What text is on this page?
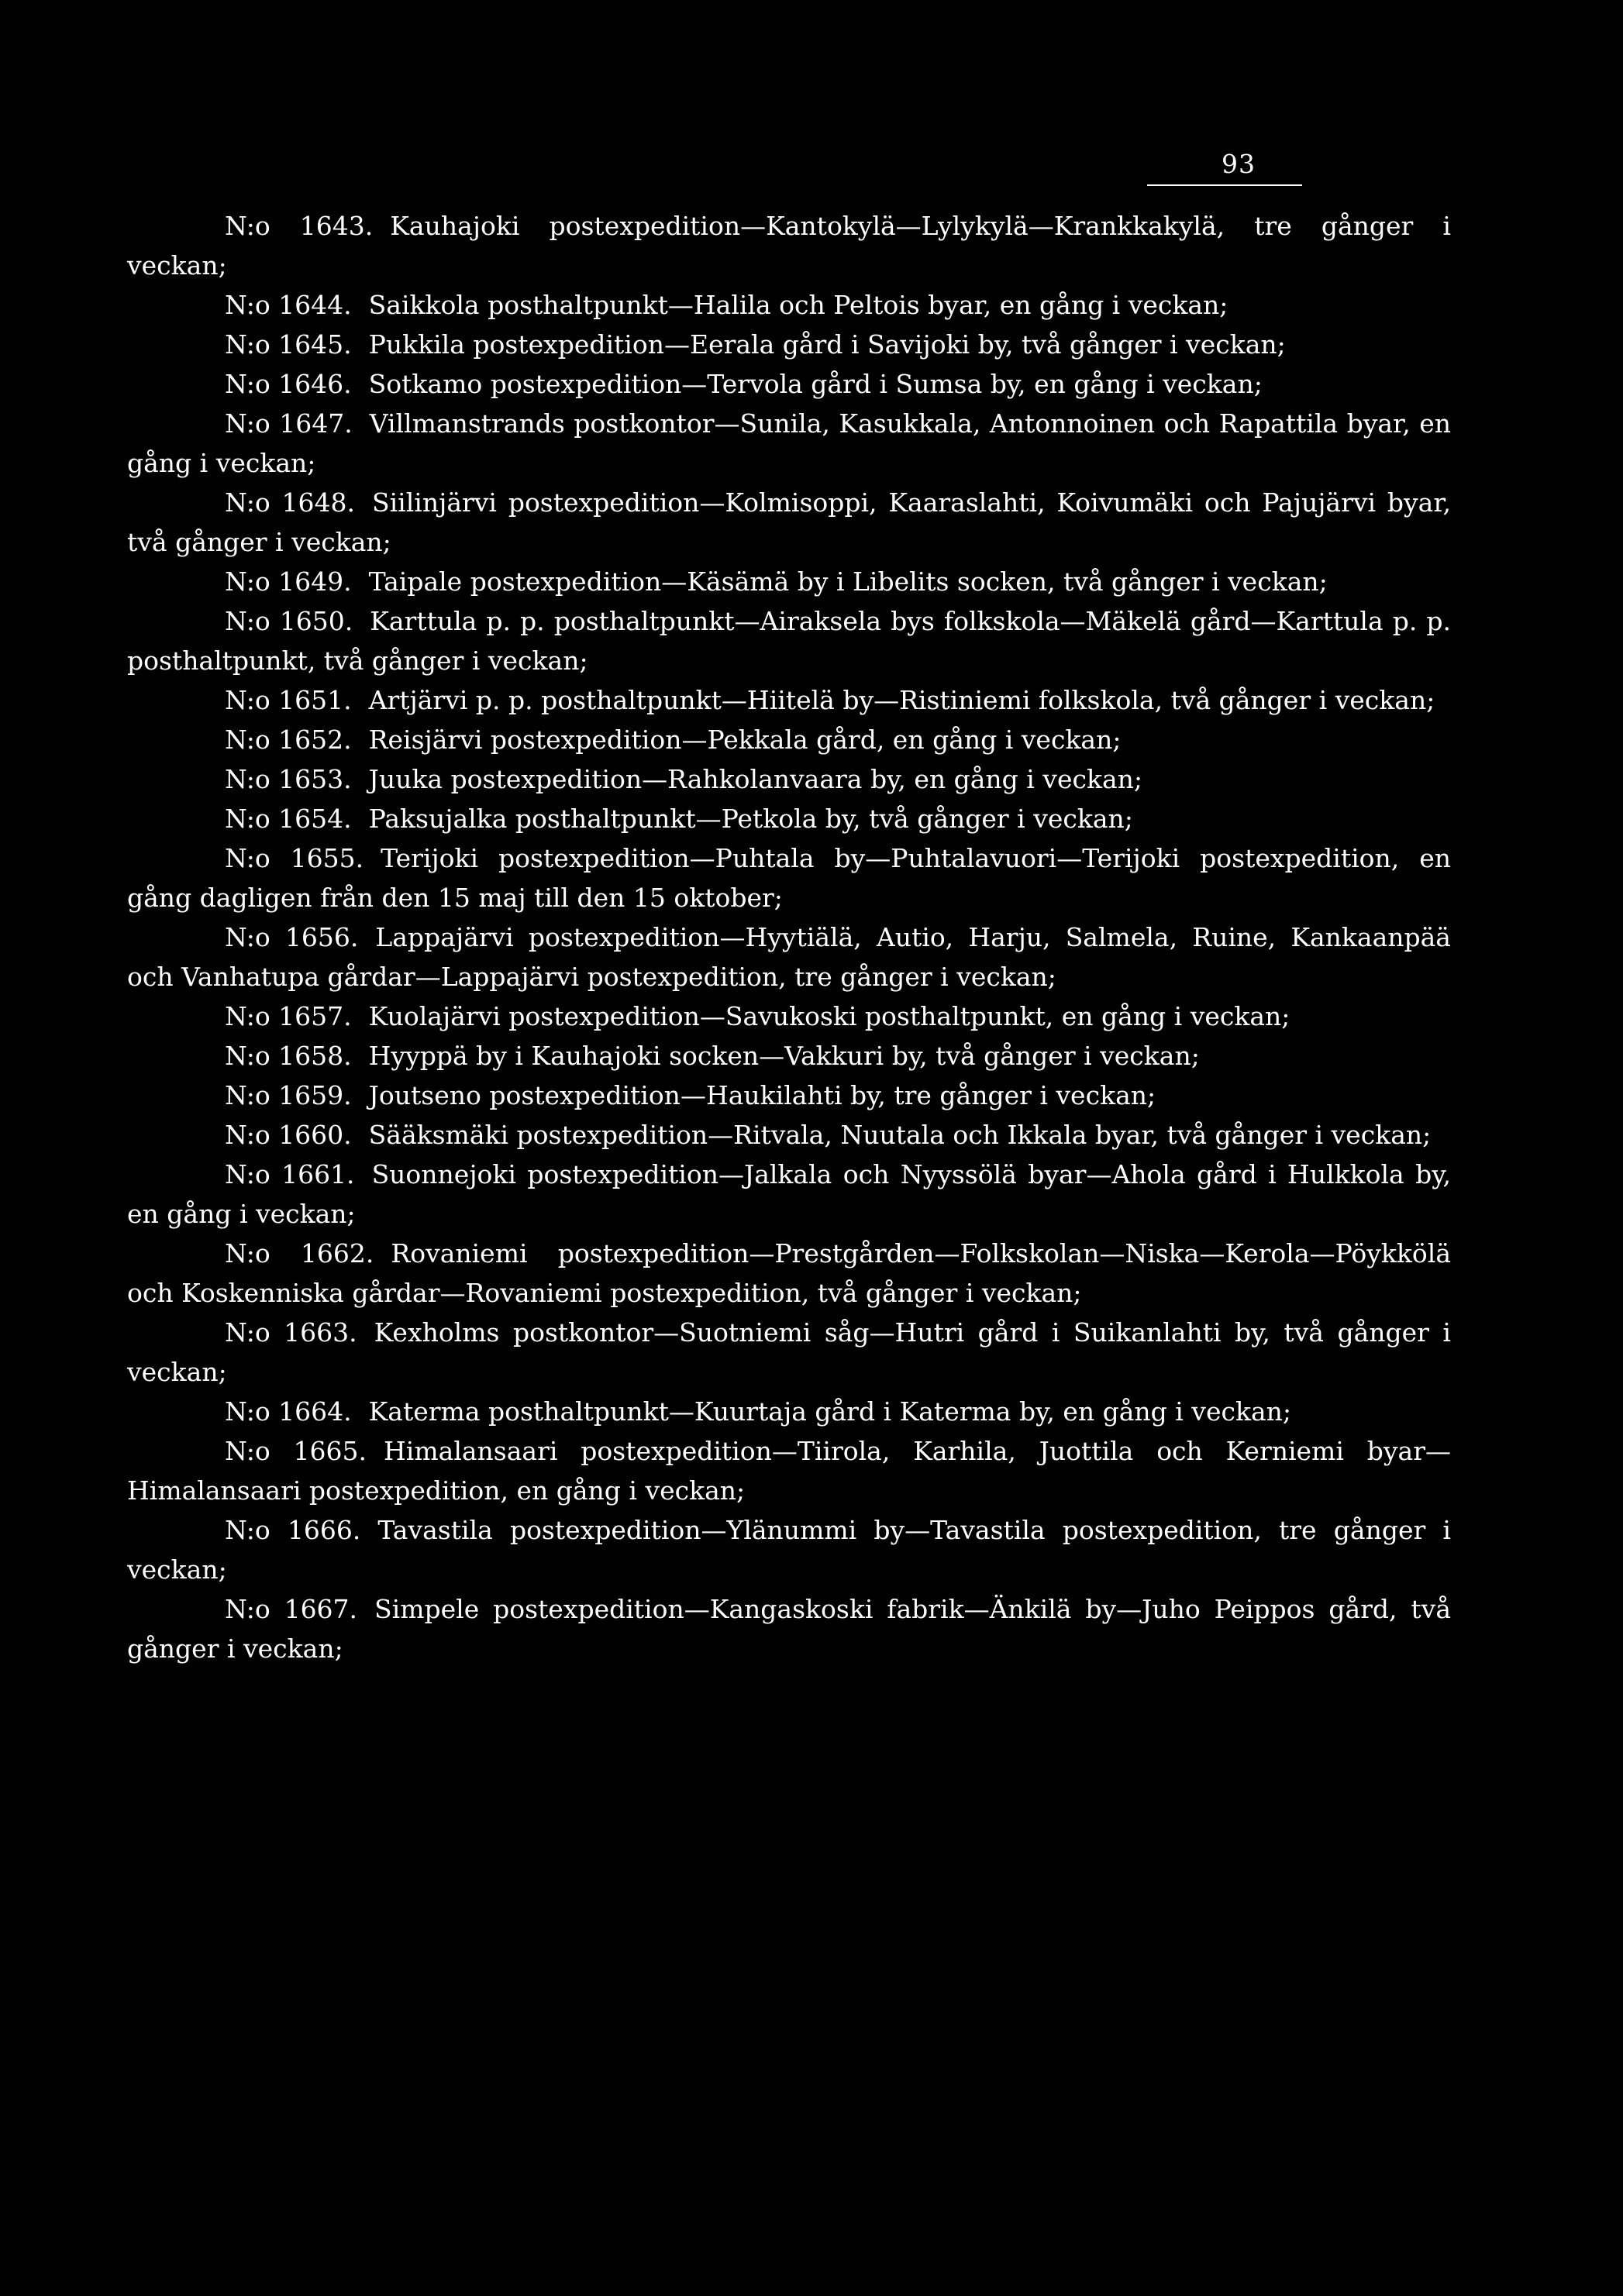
93

N:o 1643. Kauhajoki postexpedition—Kantokylä—Lylykylä—Krankkakylä, tre gånger i veckan;

N:o 1644. Saikkola posthaltpunkt—Halila och Peltois byar, en gång i veckan;

N:o 1645. Pukkila postexpedition—Eerala gård i Savijoki by, två gånger i veckan;

N:o 1646. Sotkamo postexpedition—Tervola gård i Sumsa by, en gång i veckan;

N:o 1647. Villmanstrands postkontor—Sunila, Kasukkala, Antonnoinen och Rapattila byar, en gång i veckan;

N:o 1648. Siilinjärvi postexpedition—Kolmisoppi, Kaaraslahti, Koivumäki och Pajujärvi byar, två gånger i veckan;

N:o 1649. Taipale postexpedition—Käsämä by i Libelits socken, två gånger i veckan;

N:o 1650. Karttula p. p. posthaltpunkt—Airaksela bys folkskola—Mäkelä gård—Karttula p. p. posthaltpunkt, två gånger i veckan;

N:o 1651. Artjärvi p. p. posthaltpunkt—Hiitelä by—Ristiniemi folkskola, två gånger i veckan;

N:o 1652. Reisjärvi postexpedition—Pekkala gård, en gång i veckan;

N:o 1653. Juuka postexpedition—Rahkolanvaara by, en gång i veckan;

N:o 1654. Paksujalka posthaltpunkt—Petkola by, två gånger i veckan;

N:o 1655. Terijoki postexpedition—Puhtala by—Puhtalavuori—Terijoki postexpedition, en gång dagligen från den 15 maj till den 15 oktober;

N:o 1656. Lappajärvi postexpedition—Hyytiälä, Autio, Harju, Salmela, Ruine, Kankaanpää och Vanhatupa gårdar—Lappajärvi postexpedition, tre gånger i veckan;

N:o 1657. Kuolajärvi postexpedition—Savukoski posthaltpunkt, en gång i veckan;

N:o 1658. Hyyppä by i Kauhajoki socken—Vakkuri by, två gånger i veckan;

N:o 1659. Joutseno postexpedition—Haukilahti by, tre gånger i veckan;

N:o 1660. Sääksmäki postexpedition—Ritvala, Nuutala och Ikkala byar, två gånger i veckan;

N:o 1661. Suonnejoki postexpedition—Jalkala och Nyyssölä byar—Ahola gård i Hulkkola by, en gång i veckan;

N:o 1662. Rovaniemi postexpedition—Prestgården—Folkskolan—Niska—Kerola—Pöykkölä och Koskenniska gårdar—Rovaniemi postexpedition, två gånger i veckan;

N:o 1663. Kexholms postkontor—Suotniemi såg—Hutri gård i Suikanlahti by, två gånger i veckan;

N:o 1664. Katerma posthaltpunkt—Kuurtaja gård i Katerma by, en gång i veckan;

N:o 1665. Himalansaari postexpedition—Tiirola, Karhila, Juottila och Kerniemi byar—Himalansaari postexpedition, en gång i veckan;

N:o 1666. Tavastila postexpedition—Ylänummi by—Tavastila postexpedition, tre gånger i veckan;

N:o 1667. Simpele postexpedition—Kangaskoski fabrik—Änkilä by—Juho Peippos gård, två gånger i veckan;
